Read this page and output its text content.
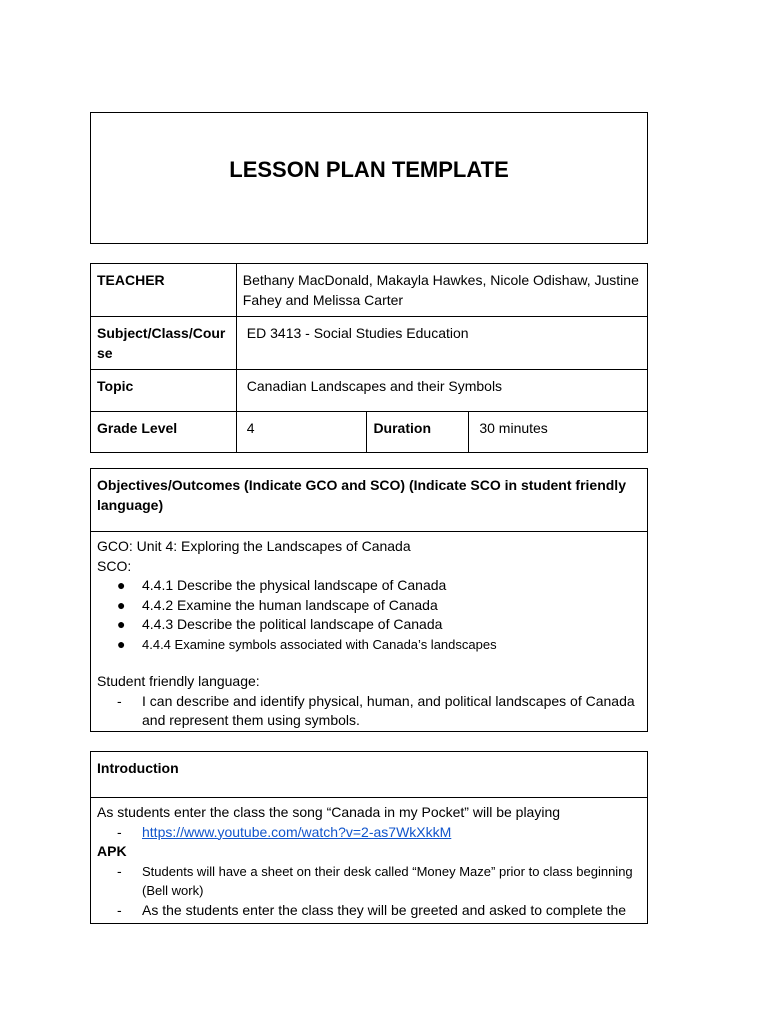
LESSON PLAN TEMPLATE
TEACHER	Bethany MacDonald, Makayla Hawkes, Nicole Odishaw, Justine Fahey and Melissa Carter		
Subject/Class/Course	ED 3413 - Social Studies Education		
Topic	Canadian Landscapes and their Symbols		
Grade Level	4	Duration	30 minutes
Objectives/Outcomes (Indicate GCO and SCO) (Indicate SCO in student friendly language)
GCO: Unit 4: Exploring the Landscapes of Canada
SCO:
● 4.4.1 Describe the physical landscape of Canada
● 4.4.2 Examine the human landscape of Canada
● 4.4.3 Describe the political landscape of Canada
● 4.4.4 Examine symbols associated with Canada’s landscapes
Student friendly language:
- I can describe and identify physical, human, and political landscapes of Canada and represent them using symbols.
Introduction
As students enter the class the song “Canada in my Pocket” will be playing
- https://www.youtube.com/watch?v=2-as7WkXkkM
APK
- Students will have a sheet on their desk called “Money Maze” prior to class beginning (Bell work)
- As the students enter the class they will be greeted and asked to complete the
